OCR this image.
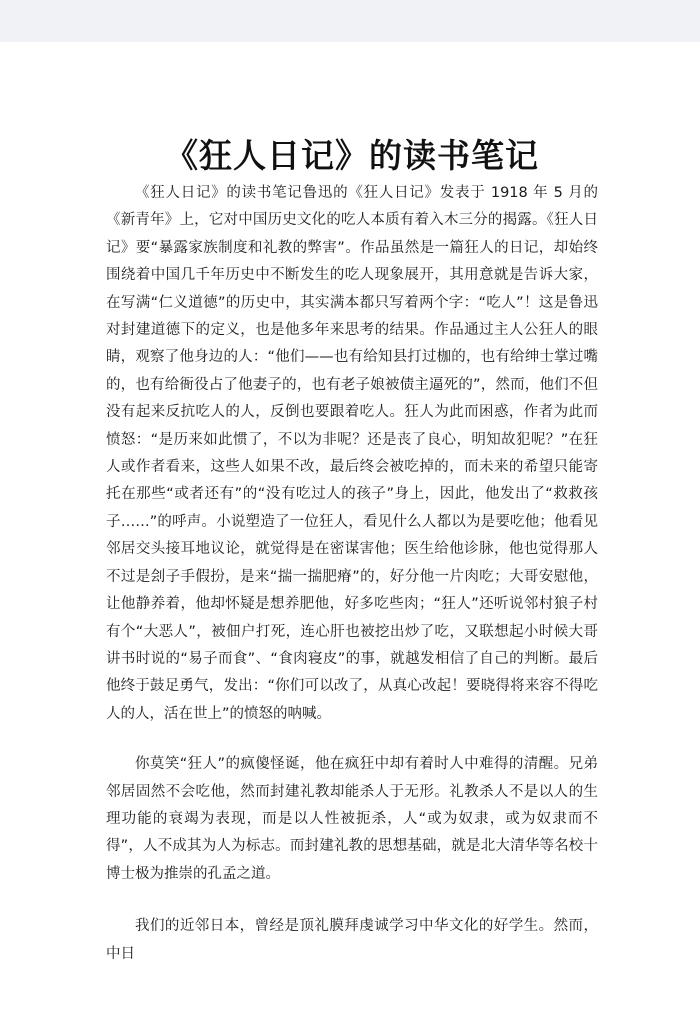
《狂人日记》的读书笔记

《狂人日记》的读书笔记鲁迅的《狂人日记》发表于 1918 年 5 月的《新青年》上，它对中国历史文化的吃人本质有着入木三分的揭露。《狂人日记》要“暴露家族制度和礼教的弊害”。作品虽然是一篇狂人的日记，却始终围绕着中国几千年历史中不断发生的吃人现象展开，其用意就是告诉大家，在写满“仁义道德”的历史中，其实满本都只写着两个字：“吃人”！这是鲁迅对封建道德下的定义，也是他多年来思考的结果。作品通过主人公狂人的眼睛，观察了他身边的人：“他们——也有给知县打过枷的，也有给绅士掌过嘴的，也有给衙役占了他妻子的，也有老子娘被债主逼死的”，然而，他们不但没有起来反抗吃人的人，反倒也要跟着吃人。狂人为此而困惑，作者为此而愤怒：“是历来如此惯了，不以为非呢？还是丧了良心，明知故犯呢？”在狂人或作者看来，这些人如果不改，最后终会被吃掉的，而未来的希望只能寄托在那些“或者还有”的“没有吃过人的孩子”身上，因此，他发出了“救救孩子……”的呼声。小说塑造了一位狂人，看见什么人都以为是要吃他；他看见邻居交头接耳地议论，就觉得是在密谋害他；医生给他诊脉，他也觉得那人不过是刽子手假扮，是来“揣一揣肥瘠”的，好分他一片肉吃；大哥安慰他，让他静养着，他却怀疑是想养肥他，好多吃些肉；“狂人”还听说邻村狼子村有个“大恶人”，被佃户打死，连心肝也被挖出炒了吃，又联想起小时候大哥讲书时说的“易子而食”、“食肉寝皮”的事，就越发相信了自己的判断。最后他终于鼓足勇气，发出：“你们可以改了，从真心改起！要晓得将来容不得吃人的人，活在世上”的愤怒的呐喊。

你莫笑“狂人”的疯傻怪诞，他在疯狂中却有着时人中难得的清醒。兄弟邻居固然不会吃他，然而封建礼教却能杀人于无形。礼教杀人不是以人的生理功能的衰竭为表现，而是以人性被扼杀，人“或为奴隶，或为奴隶而不得”，人不成其为人为标志。而封建礼教的思想基础，就是北大清华等名校十博士极为推崇的孔孟之道。

我们的近邻日本，曾经是顶礼膜拜虔诚学习中华文化的好学生。然而，中日
